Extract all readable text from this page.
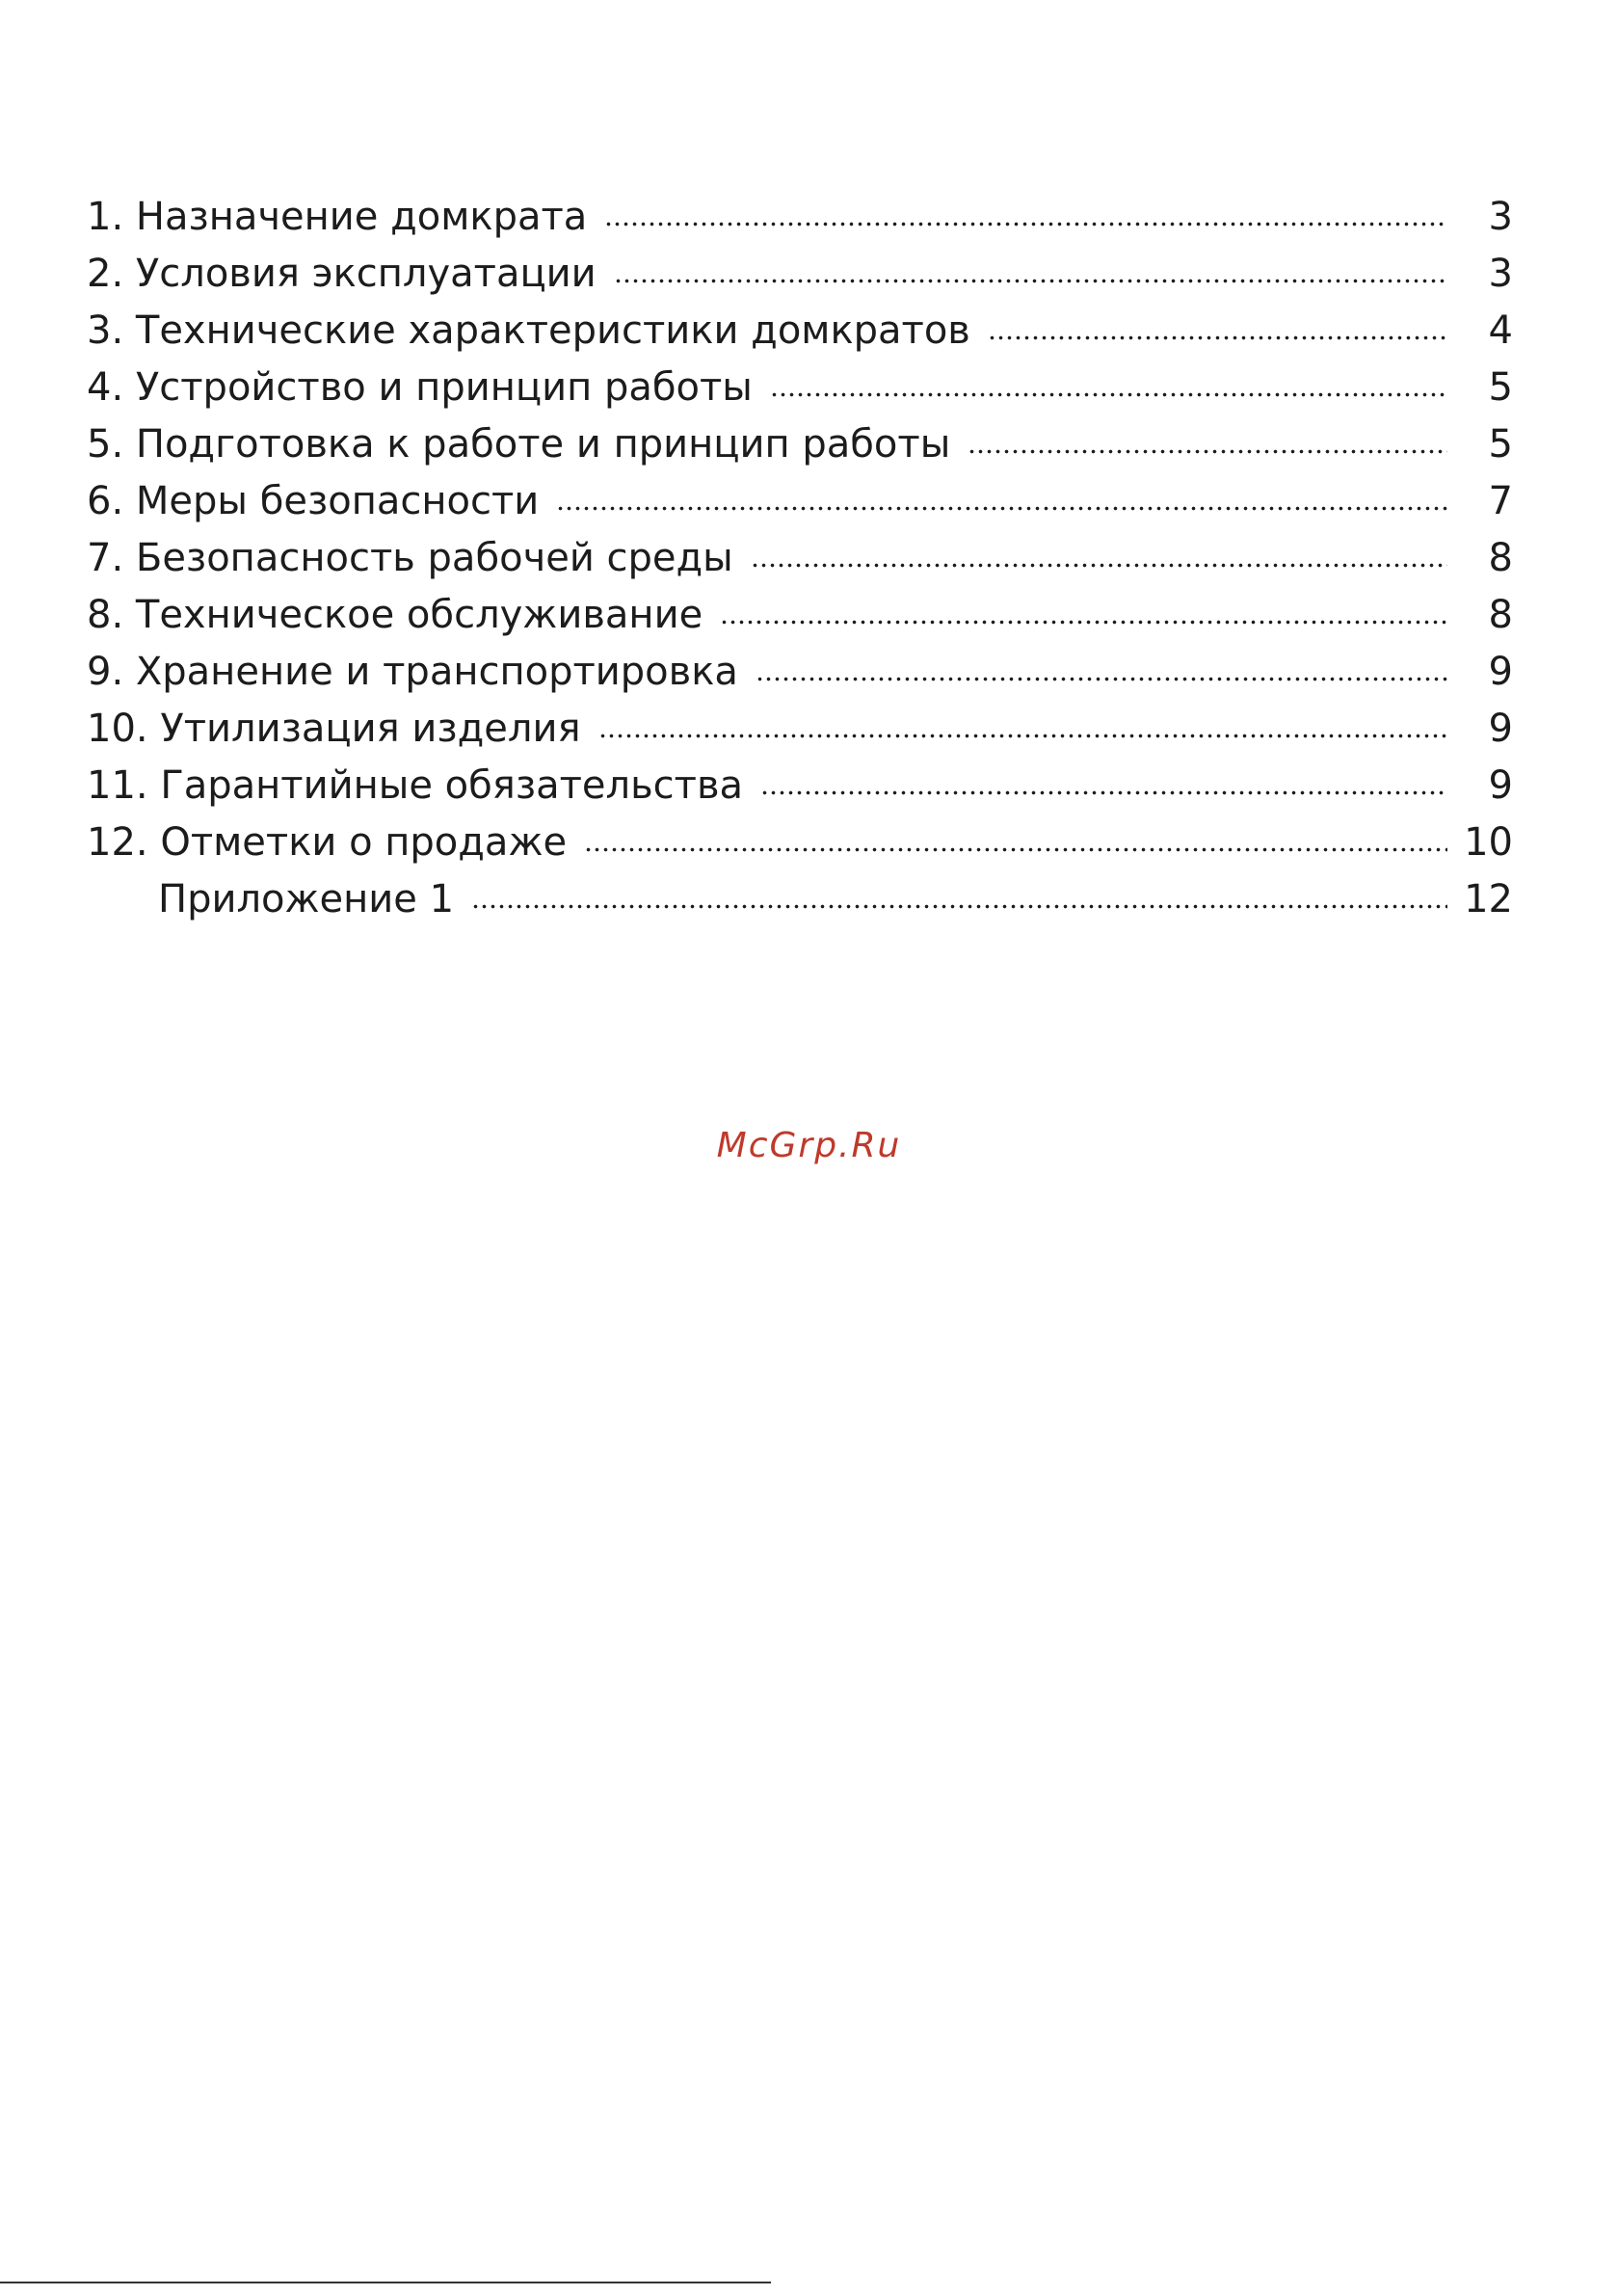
1. Назначение домкрата	3
2. Условия эксплуатации	3
3. Технические характеристики домкратов	4
4. Устройство и принцип работы	5
5. Подготовка к работе и принцип работы	5
6. Меры безопасности	7
7. Безопасность рабочей среды	8
8. Техническое обслуживание	8
9. Хранение и транспортировка	9
10. Утилизация изделия	9
11. Гарантийные обязательства	9
12. Отметки о продаже	10
Приложение 1	12
McGrp.Ru
